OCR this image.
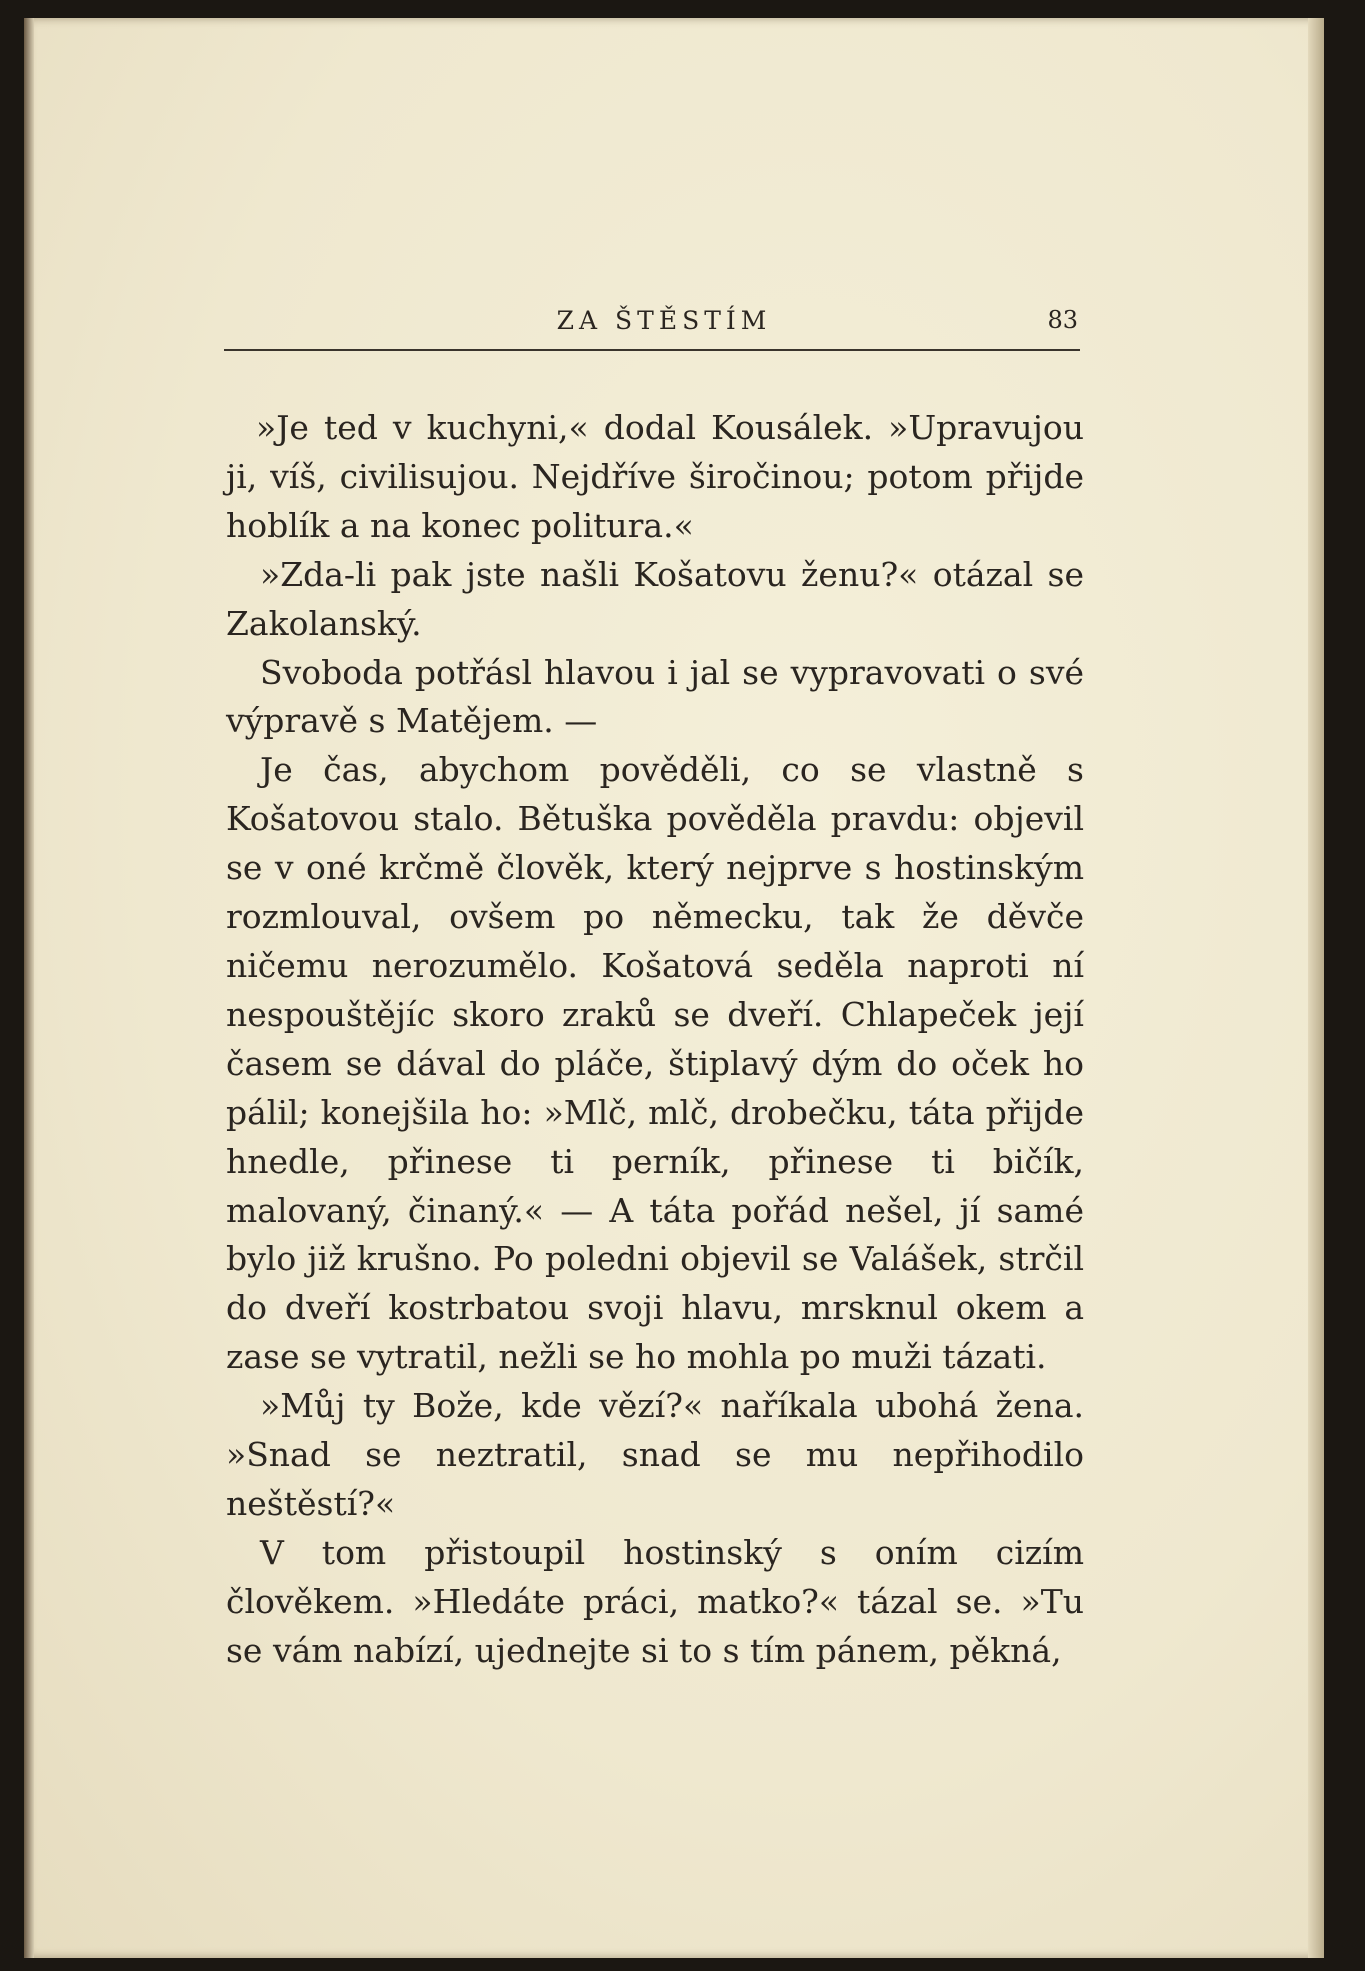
ZA ŠTĚSTÍM	83

»Je ted v kuchyni,« dodal Kousálek. »Upravujou ji, víš, civilisujou. Nejdříve širočinou; potom přijde hoblík a na konec politura.«

»Zda-li pak jste našli Košatovu ženu?« otázal se Zakolanský.

Svoboda potřásl hlavou i jal se vypravovati o své výpravě s Matějem. —

Je čas, abychom pověděli, co se vlastně s Košatovou stalo. Bětuška pověděla pravdu: objevil se v oné krčmě člověk, který nejprve s hostinským rozmlouval, ovšem po německu, tak že děvče ničemu nerozumělo. Košatová seděla naproti ní nespouštějíc skoro zraků se dveří. Chlapeček její časem se dával do pláče, štiplavý dým do oček ho pálil; konejšila ho: »Mlč, mlč, drobečku, táta přijde hnedle, přinese ti perník, přinese ti bičík, malovaný, činaný.« — A táta pořád nešel, jí samé bylo již krušno. Po poledni objevil se Valášek, strčil do dveří kostrbatou svoji hlavu, mrsknul okem a zase se vytratil, nežli se ho mohla po muži tázati.

»Můj ty Bože, kde vězí?« naříkala ubohá žena. »Snad se neztratil, snad se mu nepřihodilo neštěstí?«

V tom přistoupil hostinský s oním cizím člověkem. »Hledáte práci, matko?« tázal se. »Tu se vám nabízí, ujednejte si to s tím pánem, pěkná,
